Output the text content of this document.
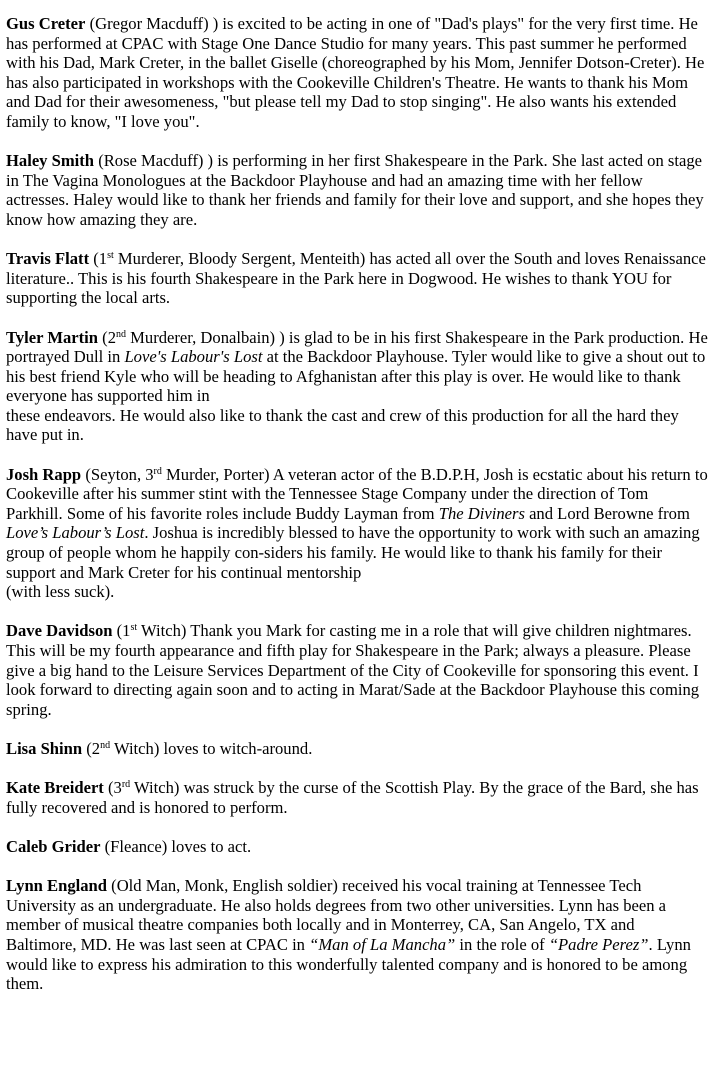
Gus Creter (Gregor Macduff) ) is excited to be acting in one of "Dad's plays" for the very first time. He has performed at CPAC with Stage One Dance Studio for many years. This past summer he performed with his Dad, Mark Creter, in the ballet Giselle (choreographed by his Mom, Jennifer Dotson-Creter). He has also participated in workshops with the Cookeville Children's Theatre. He wants to thank his Mom and Dad for their awesomeness, "but please tell my Dad to stop singing". He also wants his extended family to know, "I love you".

Haley Smith (Rose Macduff) ) is performing in her first Shakespeare in the Park. She last acted on stage in The Vagina Monologues at the Backdoor Playhouse and had an amazing time with her fellow actresses. Haley would like to thank her friends and family for their love and support, and she hopes they know how amazing they are.

Travis Flatt (1st Murderer, Bloody Sergent, Menteith) has acted all over the South and loves Renaissance literature.. This is his fourth Shakespeare in the Park here in Dogwood. He wishes to thank YOU for supporting the local arts.

Tyler Martin (2nd Murderer, Donalbain) ) is glad to be in his first Shakespeare in the Park production. He portrayed Dull in Love's Labour's Lost at the Backdoor Playhouse. Tyler would like to give a shout out to his best friend Kyle who will be heading to Afghanistan after this play is over. He would like to thank everyone has supported him in
these endeavors. He would also like to thank the cast and crew of this production for all the hard they have put in.

Josh Rapp (Seyton, 3rd Murder, Porter) A veteran actor of the B.D.P.H, Josh is ecstatic about his return to Cookeville after his summer stint with the Tennessee Stage Company under the direction of Tom Parkhill. Some of his favorite roles include Buddy Layman from The Diviners and Lord Berowne from Love’s Labour’s Lost. Joshua is incredibly blessed to have the opportunity to work with such an amazing group of people whom he happily con-siders his family. He would like to thank his family for their support and Mark Creter for his continual mentorship
(with less suck).

Dave Davidson (1st Witch) Thank you Mark for casting me in a role that will give children nightmares. This will be my fourth appearance and fifth play for Shakespeare in the Park; always a pleasure. Please give a big hand to the Leisure Services Department of the City of Cookeville for sponsoring this event. I look forward to directing again soon and to acting in Marat/Sade at the Backdoor Playhouse this coming spring.

Lisa Shinn (2nd Witch) loves to witch-around.

Kate Breidert (3rd Witch) was struck by the curse of the Scottish Play. By the grace of the Bard, she has fully recovered and is honored to perform.

Caleb Grider (Fleance) loves to act.

Lynn England (Old Man, Monk, English soldier) received his vocal training at Tennessee Tech University as an undergraduate. He also holds degrees from two other universities. Lynn has been a member of musical theatre companies both locally and in Monterrey, CA, San Angelo, TX and Baltimore, MD. He was last seen at CPAC in “Man of La Mancha” in the role of “Padre Perez”. Lynn would like to express his admiration to this wonderfully talented company and is honored to be among them.
